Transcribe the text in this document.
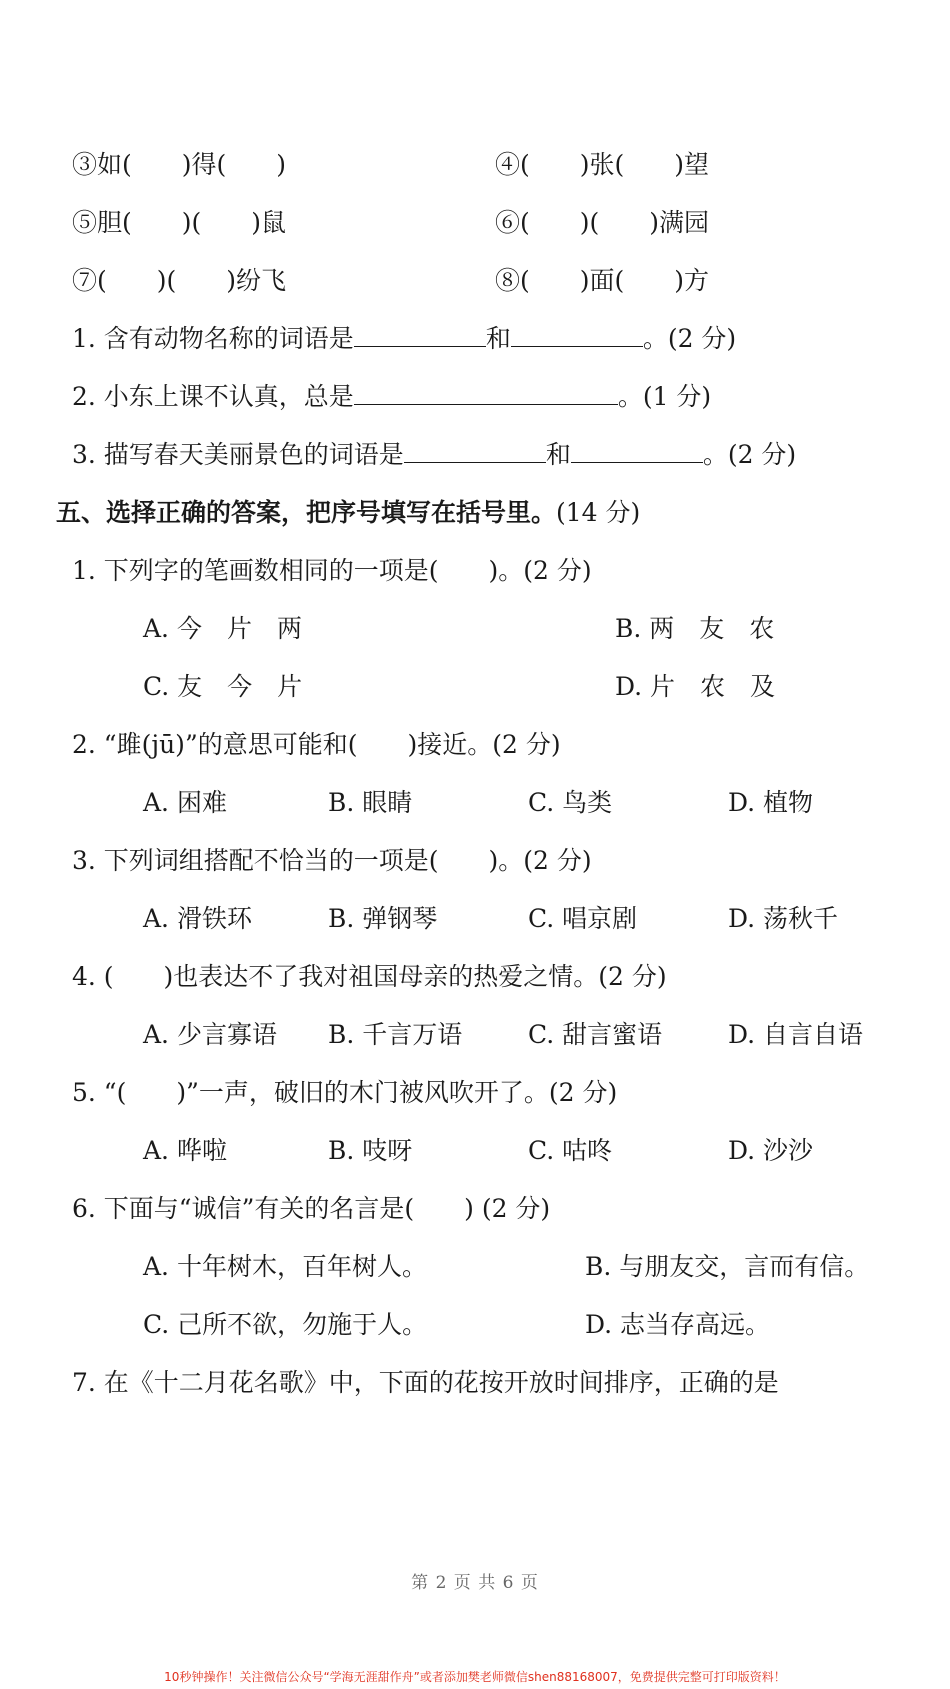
③如(　　)得(　　)	④(　　)张(　　)望
⑤胆(　　)(　　)鼠	⑥(　　)(　　)满园
⑦(　　)(　　)纷飞	⑧(　　)面(　　)方
1. 含有动物名称的词语是	和	。(2 分)
2. 小东上课不认真，总是	。(1 分)
3. 描写春天美丽景色的词语是	和	。(2 分)
五、选择正确的答案，把序号填写在括号里。(14 分)
1. 下列字的笔画数相同的一项是(　　)。(2 分)
A. 今　片　两	B. 两　友　农
C. 友　今　片	D. 片　农　及
2. “雎(jū)”的意思可能和(　　)接近。(2 分)
A. 困难	B. 眼睛	C. 鸟类	D. 植物
3. 下列词组搭配不恰当的一项是(　　)。(2 分)
A. 滑铁环	B. 弹钢琴	C. 唱京剧	D. 荡秋千
4. (　　)也表达不了我对祖国母亲的热爱之情。(2 分)
A. 少言寡语 B. 千言万语	C. 甜言蜜语	D. 自言自语
5. “(　　)”一声，破旧的木门被风吹开了。(2 分)
A. 哗啦	B. 吱呀	C. 咕咚	D. 沙沙
6. 下面与“诚信”有关的名言是(　　) (2 分)
A. 十年树木，百年树人。	B. 与朋友交，言而有信。
C. 己所不欲，勿施于人。	D. 志当存高远。
7. 在《十二月花名歌》中，下面的花按开放时间排序，正确的是
第 2 页 共 6 页
10秒钟操作！关注微信公众号“学海无涯甜作舟”或者添加樊老师微信shen88168007，免费提供完整可打印版资料！
